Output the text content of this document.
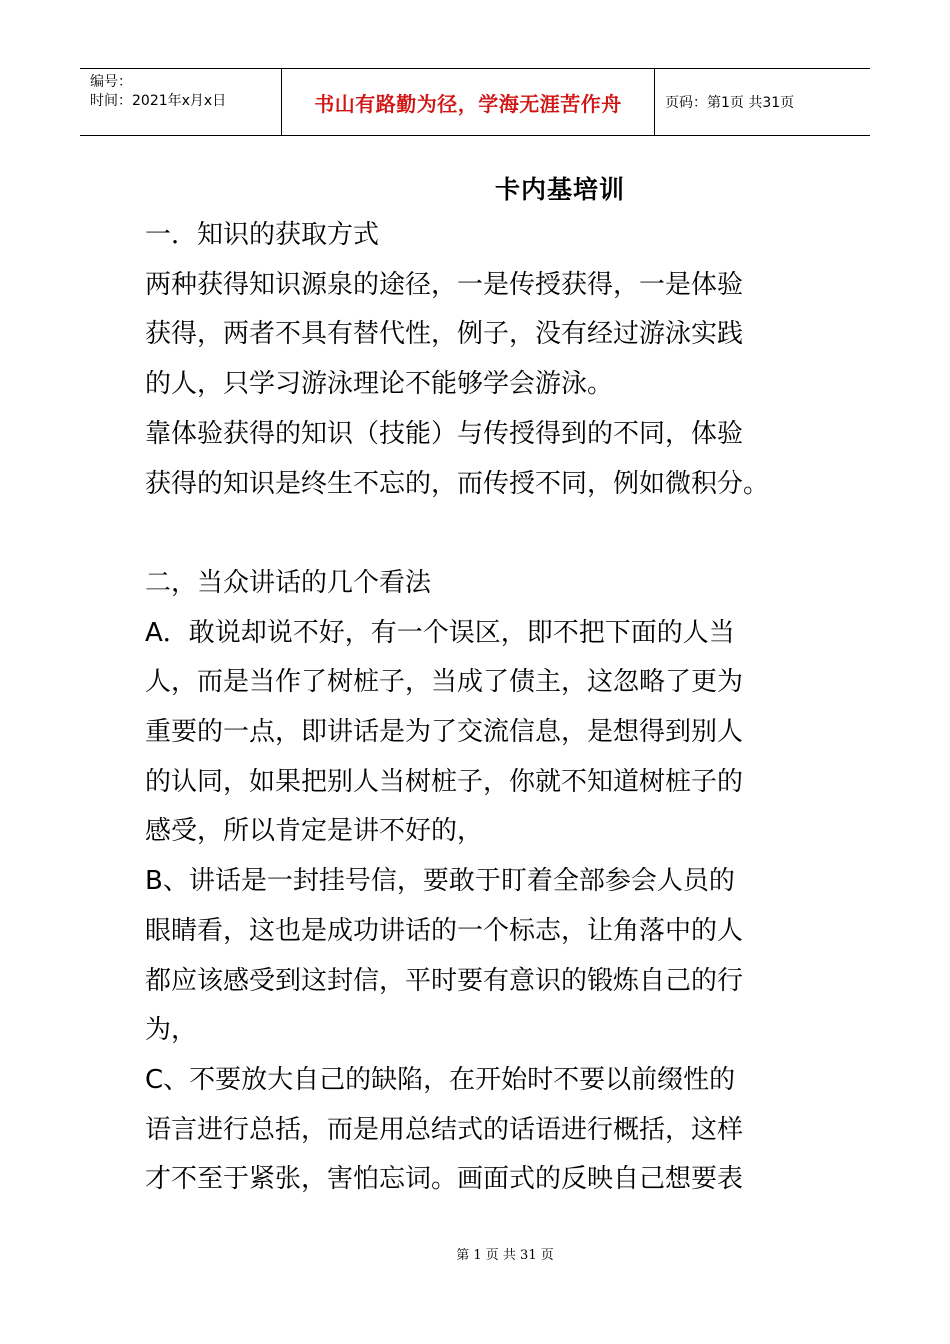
编号：
时间：2021年x月x日	书山有路勤为径，学海无涯苦作舟	页码：第1页 共31页
卡内基培训

一．知识的获取方式

两种获得知识源泉的途径，一是传授获得，一是体验

获得，两者不具有替代性，例子，没有经过游泳实践

的人，只学习游泳理论不能够学会游泳。

靠体验获得的知识（技能）与传授得到的不同，体验

获得的知识是终生不忘的，而传授不同，例如微积分。

二，当众讲话的几个看法

A．敢说却说不好，有一个误区，即不把下面的人当

人，而是当作了树桩子，当成了债主，这忽略了更为

重要的一点，即讲话是为了交流信息，是想得到别人

的认同，如果把别人当树桩子，你就不知道树桩子的

感受，所以肯定是讲不好的，

B、讲话是一封挂号信，要敢于盯着全部参会人员的

眼睛看，这也是成功讲话的一个标志，让角落中的人

都应该感受到这封信，平时要有意识的锻炼自己的行

为，

C、不要放大自己的缺陷，在开始时不要以前缀性的

语言进行总括，而是用总结式的话语进行概括，这样

才不至于紧张，害怕忘词。画面式的反映自己想要表

第 1 页 共 31 页
